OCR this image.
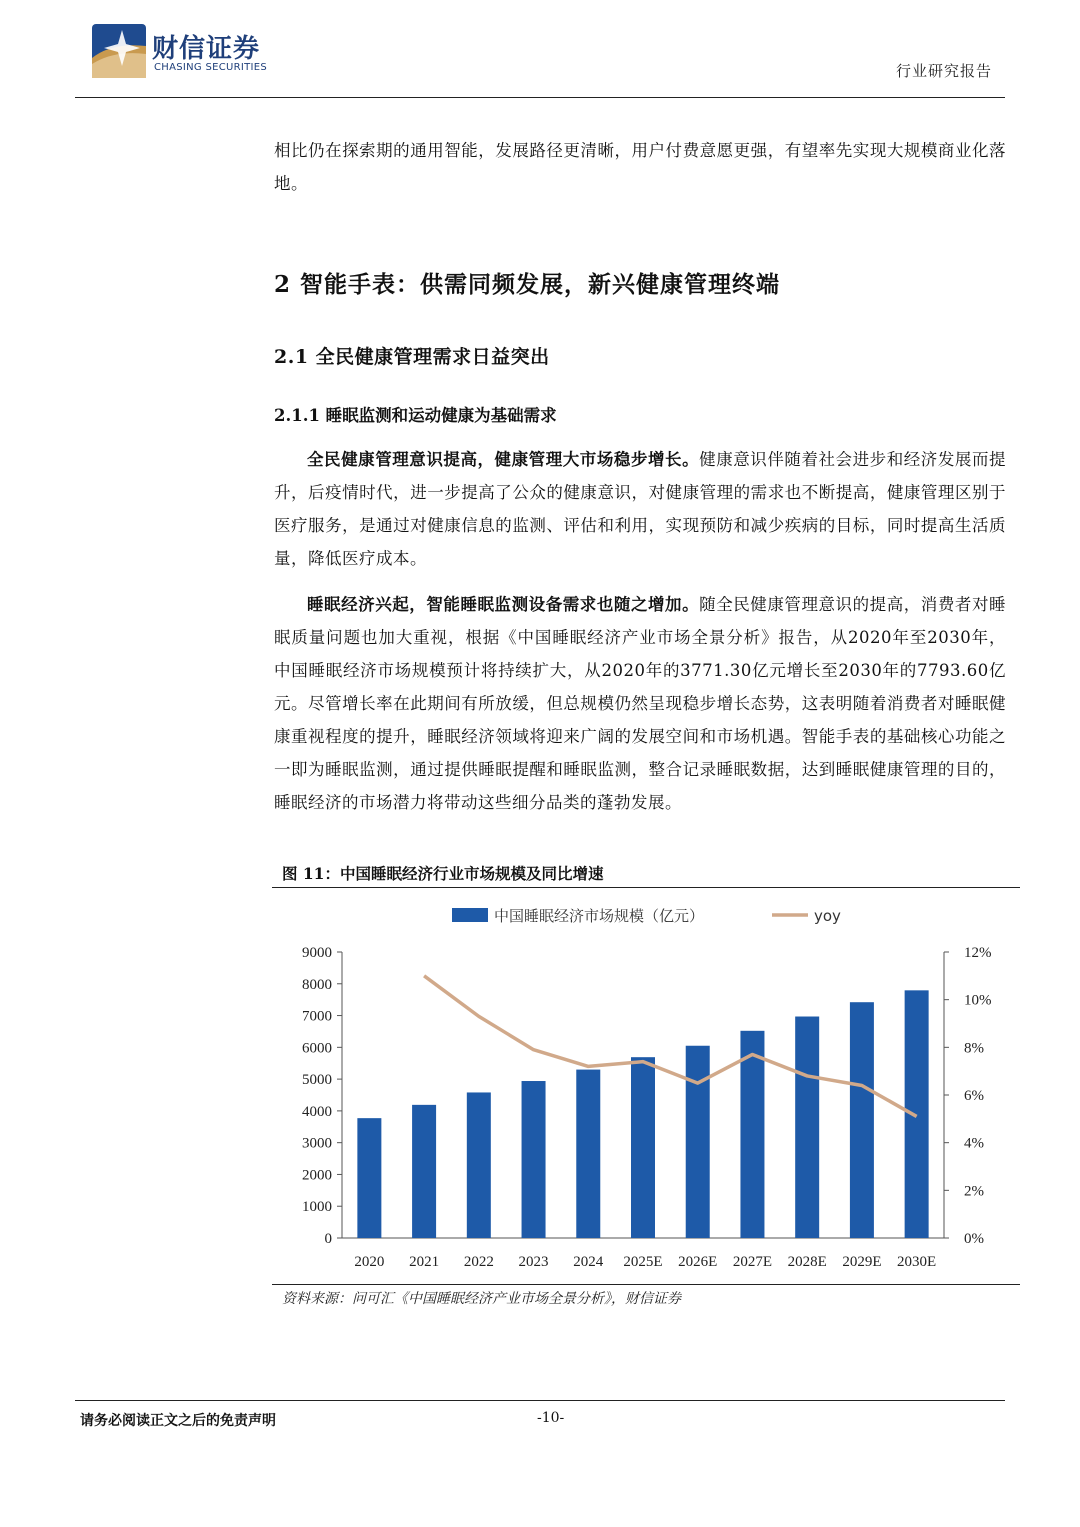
财信证券
CHASING SECURITIES	行业研究报告
相比仍在探索期的通用智能，发展路径更清晰，用户付费意愿更强，有望率先实现大规模商业化落地。
2 智能手表：供需同频发展，新兴健康管理终端
2.1 全民健康管理需求日益突出
2.1.1 睡眠监测和运动健康为基础需求
全民健康管理意识提高，健康管理大市场稳步增长。健康意识伴随着社会进步和经济发展而提升，后疫情时代，进一步提高了公众的健康意识，对健康管理的需求也不断提高，健康管理区别于医疗服务，是通过对健康信息的监测、评估和利用，实现预防和减少疾病的目标，同时提高生活质量，降低医疗成本。
睡眠经济兴起，智能睡眠监测设备需求也随之增加。随全民健康管理意识的提高，消费者对睡眠质量问题也加大重视，根据《中国睡眠经济产业市场全景分析》报告，从2020年至2030年，中国睡眠经济市场规模预计将持续扩大，从2020年的3771.30亿元增长至2030年的7793.60亿元。尽管增长率在此期间有所放缓，但总规模仍然呈现稳步增长态势，这表明随着消费者对睡眠健康重视程度的提升，睡眠经济领域将迎来广阔的发展空间和市场机遇。智能手表的基础核心功能之一即为睡眠监测，通过提供睡眠提醒和睡眠监测，整合记录睡眠数据，达到睡眠健康管理的目的，睡眠经济的市场潜力将带动这些细分品类的蓬勃发展。
图 11：中国睡眠经济行业市场规模及同比增速
中国睡眠经济市场规模（亿元）	yoy
0
1000
2000
3000
4000
5000
6000
7000
8000
9000
0%
2%
4%
6%
8%
10%
12%
2020 2021 2022 2023 2024 2025E 2026E 2027E 2028E 2029E 2030E
资料来源：问可汇《中国睡眠经济产业市场全景分析》，财信证券
请务必阅读正文之后的免责声明	-10-
